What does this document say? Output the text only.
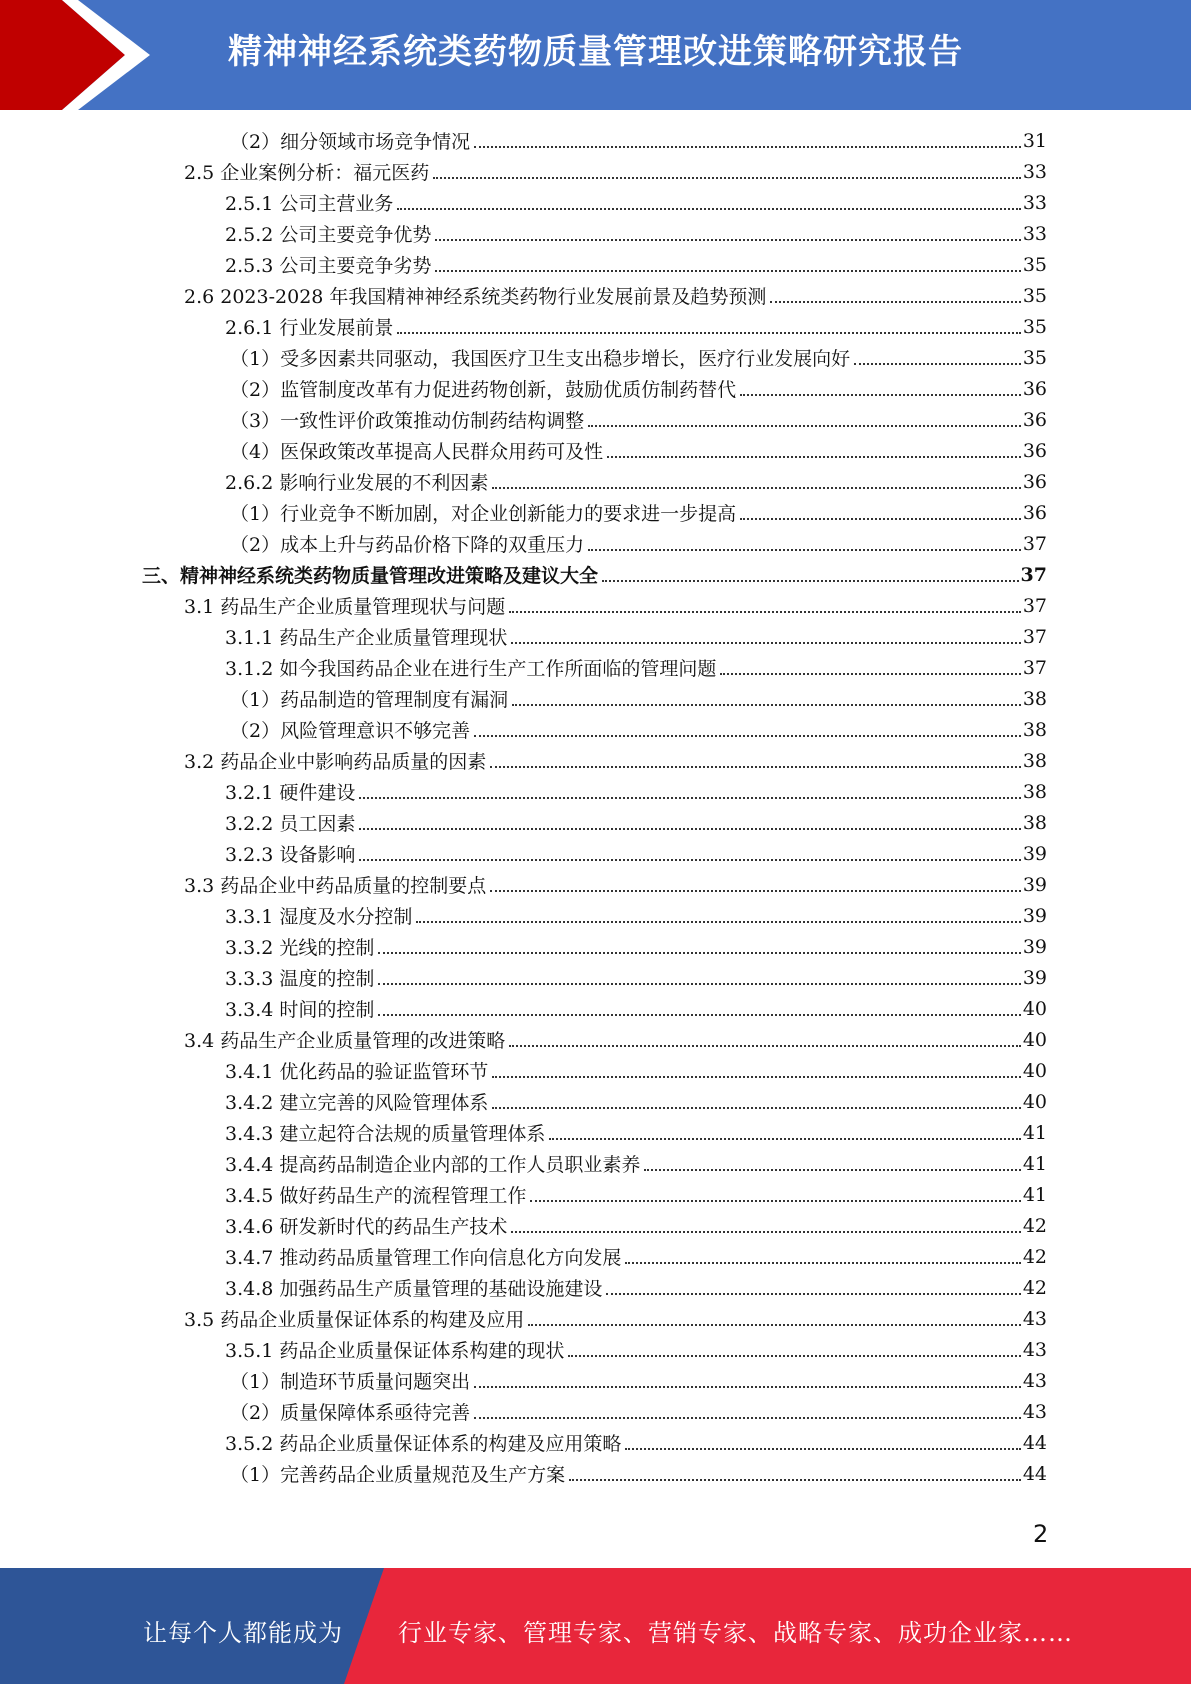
精神神经系统类药物质量管理改进策略研究报告
（2）细分领域市场竞争情况	31
2.5 企业案例分析：福元医药	33
2.5.1 公司主营业务	33
2.5.2 公司主要竞争优势	33
2.5.3 公司主要竞争劣势	35
2.6 2023-2028 年我国精神神经系统类药物行业发展前景及趋势预测	35
2.6.1 行业发展前景	35
（1）受多因素共同驱动，我国医疗卫生支出稳步增长，医疗行业发展向好	35
（2）监管制度改革有力促进药物创新，鼓励优质仿制药替代	36
（3）一致性评价政策推动仿制药结构调整	36
（4）医保政策改革提高人民群众用药可及性	36
2.6.2 影响行业发展的不利因素	36
（1）行业竞争不断加剧，对企业创新能力的要求进一步提高	36
（2）成本上升与药品价格下降的双重压力	37
三、精神神经系统类药物质量管理改进策略及建议大全	37
3.1 药品生产企业质量管理现状与问题	37
3.1.1 药品生产企业质量管理现状	37
3.1.2 如今我国药品企业在进行生产工作所面临的管理问题	37
（1）药品制造的管理制度有漏洞	38
（2）风险管理意识不够完善	38
3.2 药品企业中影响药品质量的因素	38
3.2.1 硬件建设	38
3.2.2 员工因素	38
3.2.3 设备影响	39
3.3 药品企业中药品质量的控制要点	39
3.3.1 湿度及水分控制	39
3.3.2 光线的控制	39
3.3.3 温度的控制	39
3.3.4 时间的控制	40
3.4 药品生产企业质量管理的改进策略	40
3.4.1 优化药品的验证监管环节	40
3.4.2 建立完善的风险管理体系	40
3.4.3 建立起符合法规的质量管理体系	41
3.4.4 提高药品制造企业内部的工作人员职业素养	41
3.4.5 做好药品生产的流程管理工作	41
3.4.6 研发新时代的药品生产技术	42
3.4.7 推动药品质量管理工作向信息化方向发展	42
3.4.8 加强药品生产质量管理的基础设施建设	42
3.5 药品企业质量保证体系的构建及应用	43
3.5.1 药品企业质量保证体系构建的现状	43
（1）制造环节质量问题突出	43
（2）质量保障体系亟待完善	43
3.5.2 药品企业质量保证体系的构建及应用策略	44
（1）完善药品企业质量规范及生产方案	44
2
让每个人都能成为 行业专家、管理专家、营销专家、战略专家、成功企业家……
